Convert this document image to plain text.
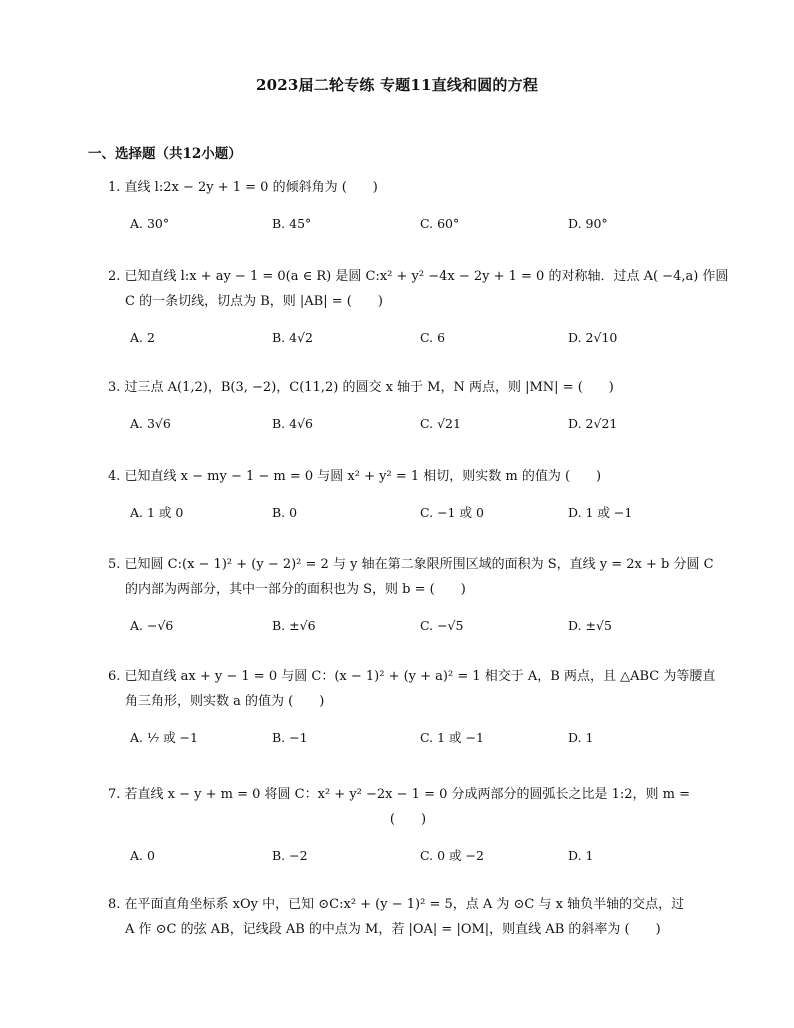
2023届二轮专练 专题11直线和圆的方程
一、选择题（共12小题）
1. 直线 l:2x − 2y + 1 = 0 的倾斜角为 (　　)
A. 30°	B. 45°	C. 60°	D. 90°
2. 已知直线 l:x + ay − 1 = 0(a ∈ R) 是圆 C:x² + y² −4x − 2y + 1 = 0 的对称轴．过点 A( −4,a) 作圆
C 的一条切线，切点为 B，则 |AB| = (　　)
A. 2	B. 4√2	C. 6	D. 2√10
3. 过三点 A(1,2)，B(3, −2)，C(11,2) 的圆交 x 轴于 M，N 两点，则 |MN| = (　　)
A. 3√6	B. 4√6	C. √21	D. 2√21
4. 已知直线 x − my − 1 − m = 0 与圆 x² + y² = 1 相切，则实数 m 的值为 (　　)
A. 1 或 0	B. 0	C. −1 或 0	D. 1 或 −1
5. 已知圆 C:(x − 1)² + (y − 2)² = 2 与 y 轴在第二象限所围区域的面积为 S，直线 y = 2x + b 分圆 C
的内部为两部分，其中一部分的面积也为 S，则 b = (　　)
A. −√6	B. ±√6	C. −√5	D. ±√5
6. 已知直线 ax + y − 1 = 0 与圆 C：(x − 1)² + (y + a)² = 1 相交于 A，B 两点，且 △ABC 为等腰直
角三角形，则实数 a 的值为 (　　)
A. ⅐ 或 −1	B. −1	C. 1 或 −1	D. 1
7. 若直线 x − y + m = 0 将圆 C：x² + y² −2x − 1 = 0 分成两部分的圆弧长之比是 1:2，则 m =
(　　)
A. 0	B. −2	C. 0 或 −2	D. 1
8. 在平面直角坐标系 xOy 中，已知 ⊙C:x² + (y − 1)² = 5，点 A 为 ⊙C 与 x 轴负半轴的交点，过
A 作 ⊙C 的弦 AB，记线段 AB 的中点为 M，若 |OA| = |OM|，则直线 AB 的斜率为 (　　)
